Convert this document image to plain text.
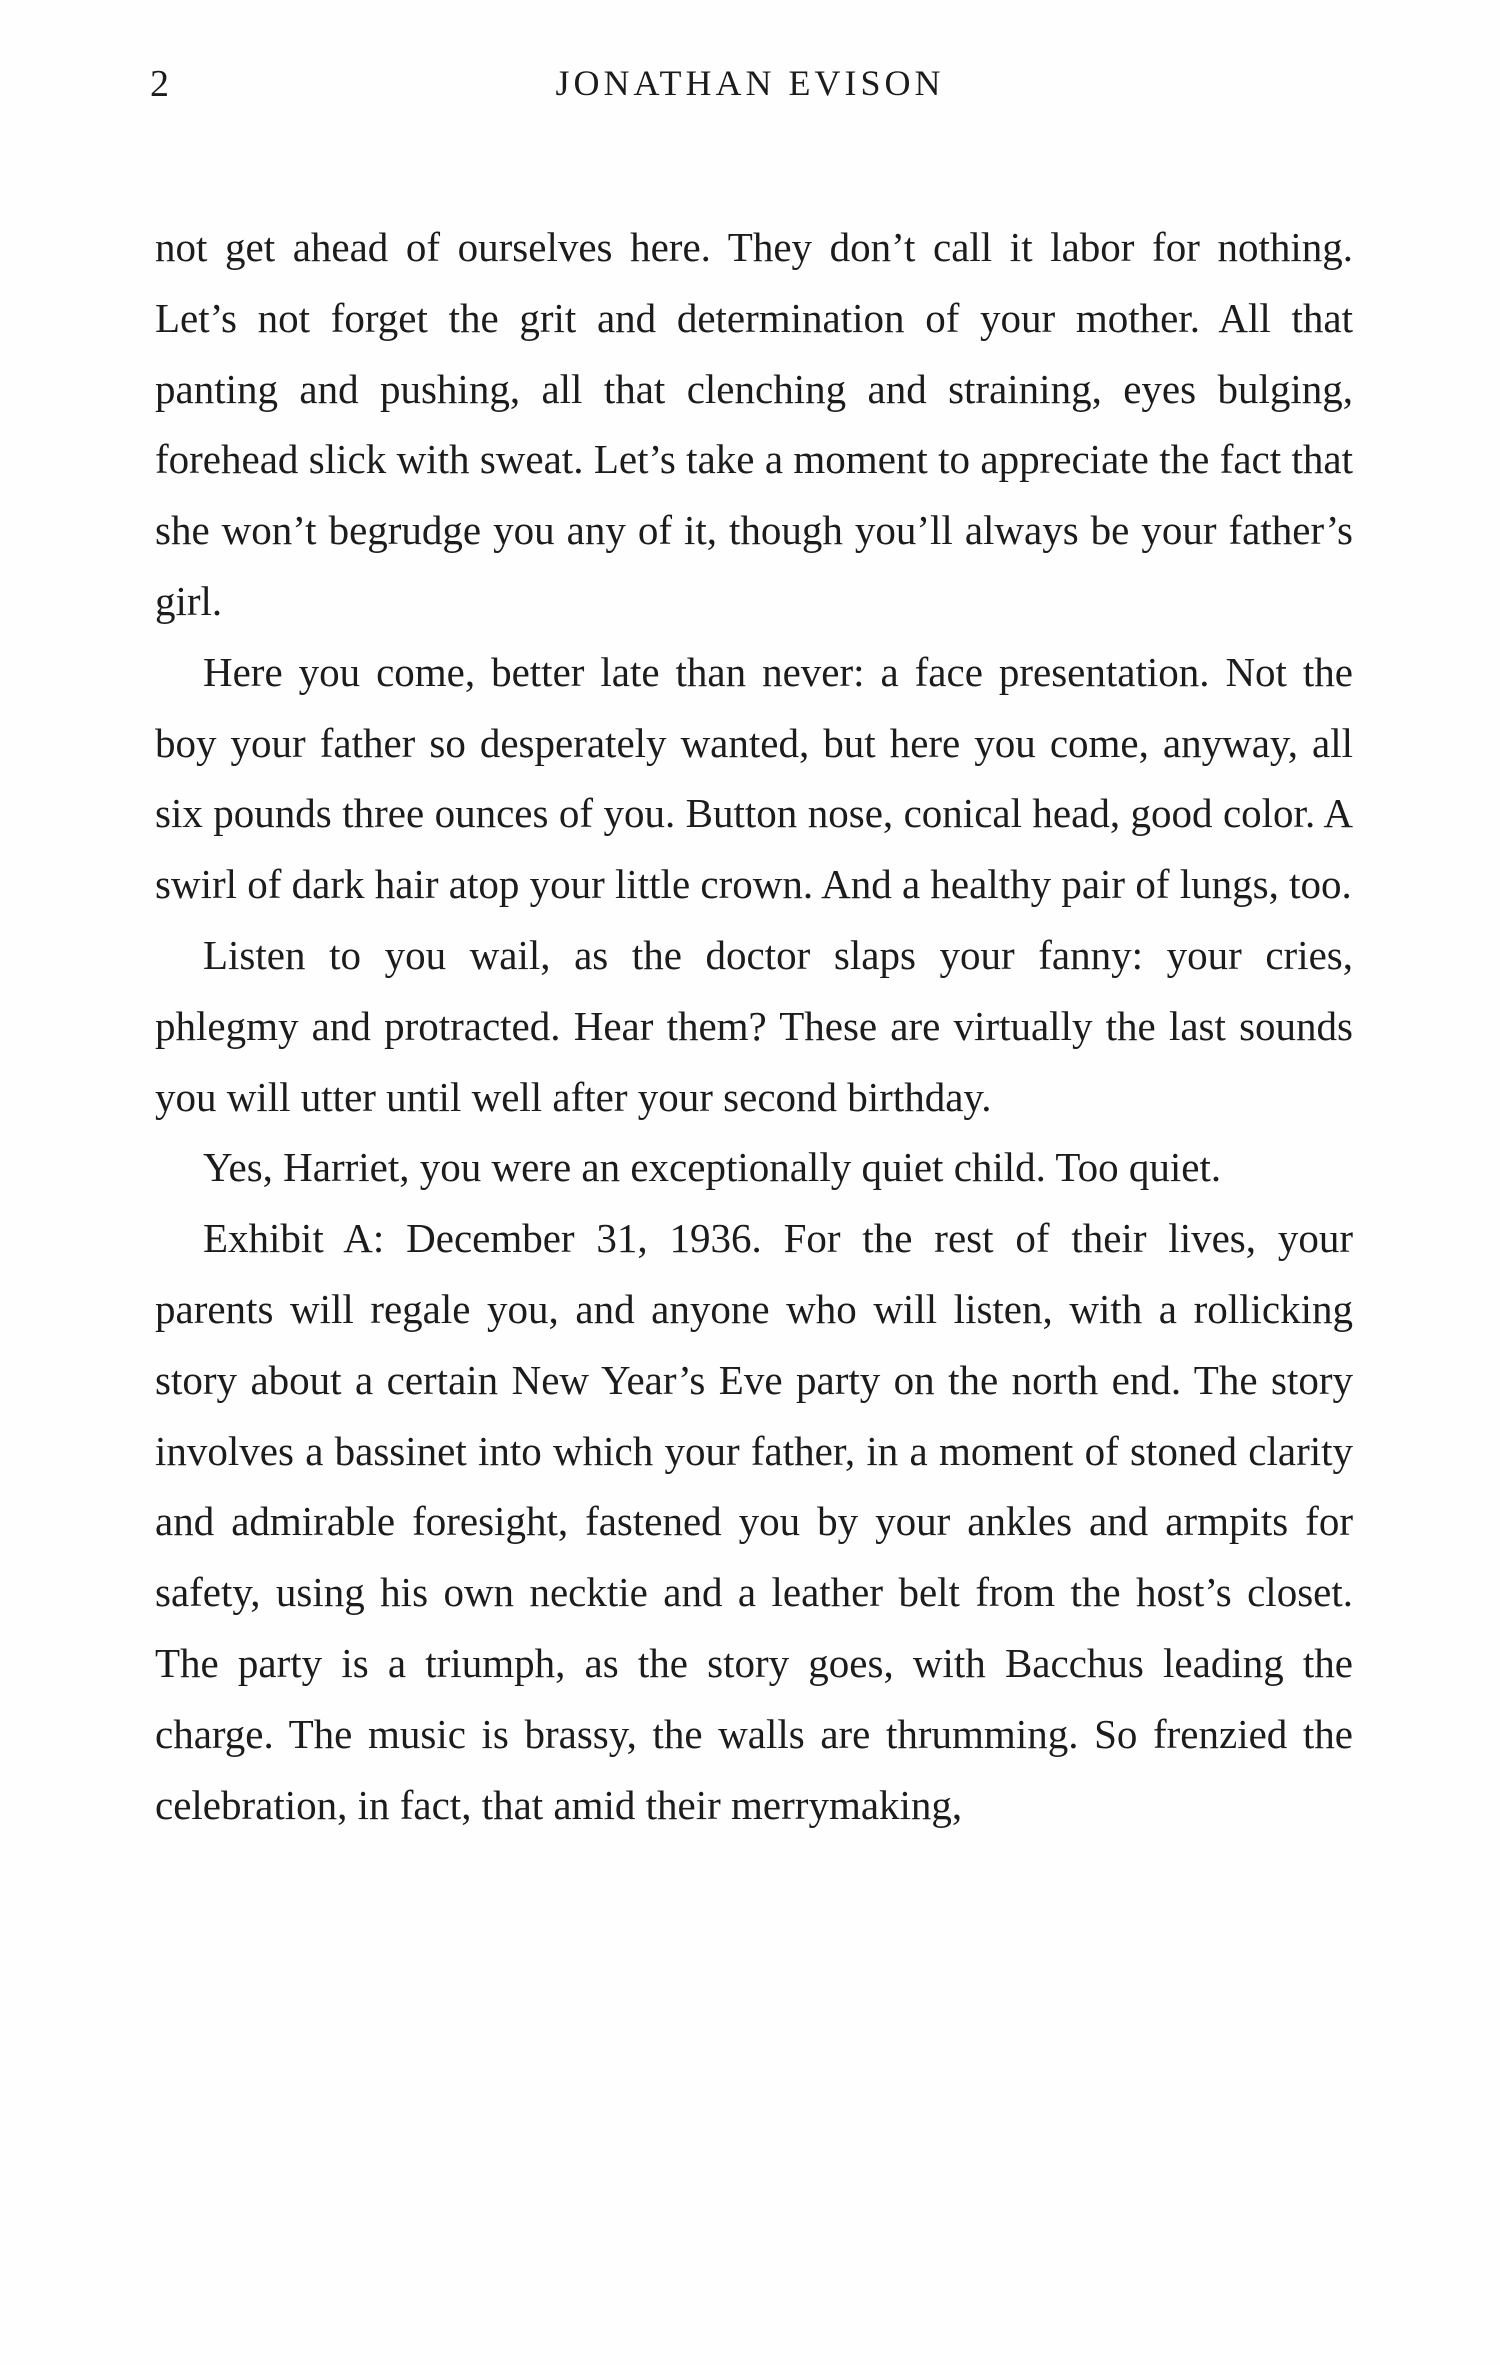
2	JONATHAN EVISON

not get ahead of ourselves here. They don’t call it labor for nothing. Let’s not forget the grit and determination of your mother. All that panting and pushing, all that clenching and straining, eyes bulging, forehead slick with sweat. Let’s take a moment to appreciate the fact that she won’t begrudge you any of it, though you’ll always be your father’s girl.

Here you come, better late than never: a face presentation. Not the boy your father so desperately wanted, but here you come, anyway, all six pounds three ounces of you. Button nose, conical head, good color. A swirl of dark hair atop your little crown. And a healthy pair of lungs, too.

Listen to you wail, as the doctor slaps your fanny: your cries, phlegmy and protracted. Hear them? These are virtually the last sounds you will utter until well after your second birthday.

Yes, Harriet, you were an exceptionally quiet child. Too quiet.

Exhibit A: December 31, 1936. For the rest of their lives, your parents will regale you, and anyone who will listen, with a rollicking story about a certain New Year’s Eve party on the north end. The story involves a bassinet into which your father, in a moment of stoned clarity and admirable foresight, fastened you by your ankles and armpits for safety, using his own necktie and a leather belt from the host’s closet. The party is a triumph, as the story goes, with Bacchus leading the charge. The music is brassy, the walls are thrumming. So frenzied the celebration, in fact, that amid their merrymaking,
